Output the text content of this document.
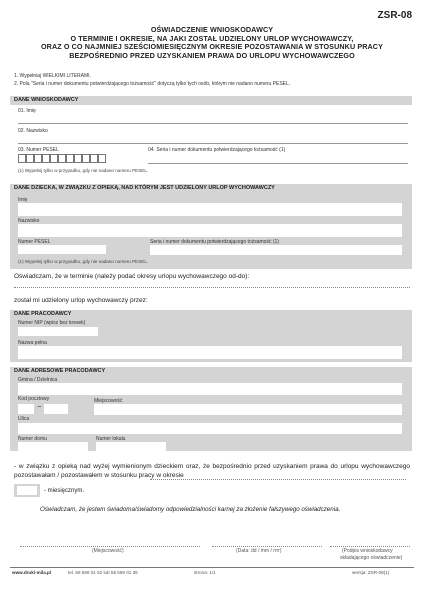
ZSR-08
OŚWIADCZENIE WNIOSKODAWCY
O TERMINIE I OKRESIE, NA JAKI ZOSTAŁ UDZIELONY URLOP WYCHOWAWCZY,
ORAZ O CO NAJMNIEJ SZEŚCIOMIESIĘCZNYM OKRESIE POZOSTAWANIA W STOSUNKU PRACY
BEZPOŚREDNIO PRZED UZYSKANIEM PRAWA DO URLOPU WYCHOWAWCZEGO
1. Wypełniaj WIELKIMI LITERAMI.
2. Pola "Seria i numer dokumentu potwierdzającego tożsamość" dotyczą tylko tych osób, którym nie nadano numeru PESEL.
DANE WNIOSKODAWCY
01. Imię
02. Nazwisko
03. Numer PESEL	04. Seria i numer dokumentu potwierdzającego tożsamość (1)
(1) Wypełnij tylko w przypadku, gdy nie nadano numeru PESEL.
DANE DZIECKA, W ZWIĄZKU Z OPIEKĄ, NAD KTÓRYM JEST UDZIELONY URLOP WYCHOWAWCZY
Imię
Nazwisko
Numer PESEL	Seria i numer dokumentu potwierdzającego tożsamość (1)
(1) Wypełnij tylko w przypadku, gdy nie nadano numeru PESEL.
Oświadczam, że w terminie (należy podać okresy urlopu wychowawczego od-do):
został mi udzielony urlop wychowawczy przez:
DANE PRACODAWCY
Numer NIP (wpisz bez kresek)
Nazwa pełna
DANE ADRESOWE PRACODAWCY
Gmina / Dzielnica
Kod pocztowy	Miejscowość
–
Ulica
Numer domu	Numer lokalu
- w związku z opieką nad wyżej wymienionym dzieckiem oraz, że bezpośrednio przed uzyskaniem prawa do urlopu wychowawczego pozostawałam / pozostawałem w stosunku pracy w okresie
- miesięcznym.
Oświadczam, że jestem świadoma/świadomy odpowiedzialności karnej za złożenie fałszywego oświadczenia.
(Miejscowość)	(Data: dd / mm / rrrr)	(Podpis wnioskodawcy
składającego oświadczenie)
www.druki-mila.pl	tel. 58 559 01 52 lub 58 559 01 36	strona: 1/1	wersja: ZSR-08(1)
